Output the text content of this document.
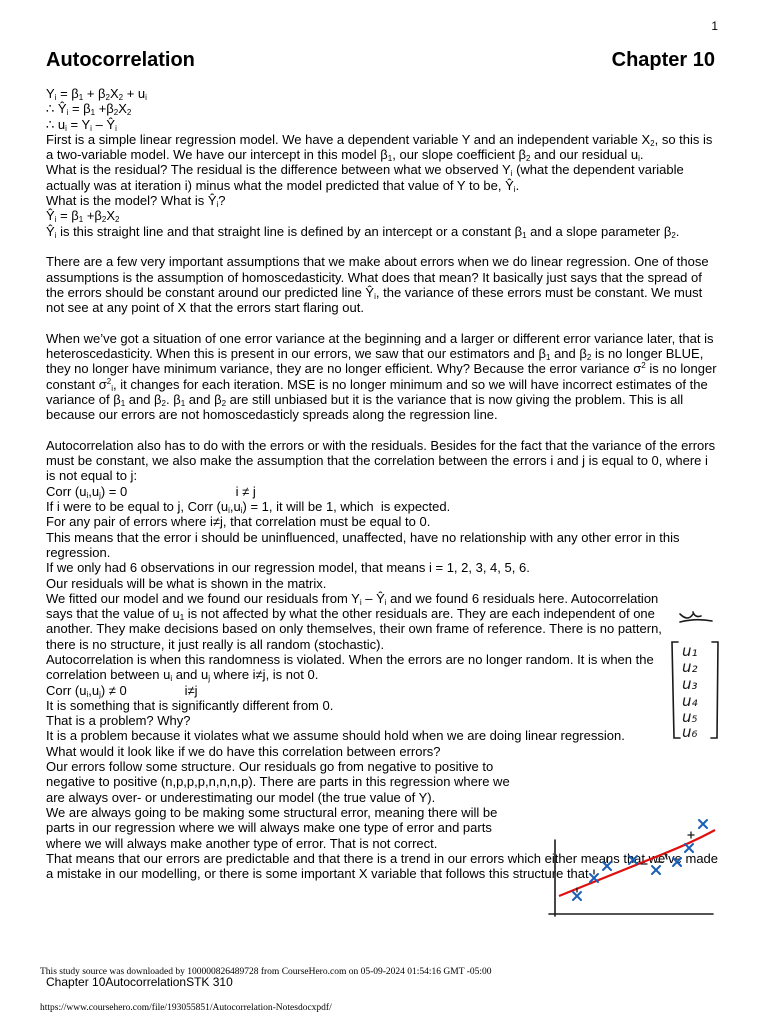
1
Autocorrelation	Chapter 10

$Y_i = \beta_1 + \beta_2X_2 + u_i$

∴ $Ŷ_i = \beta_1 +\beta_2X_2$

∴ $u_i = Y_i$ – $Ŷ_i$

First is a simple linear regression model. We have a dependent variable Y and an independent variable $X_2$, so this is a two-variable model. We have our intercept in this model $\beta_1$, our slope coefficient $\beta_2$ and our residual $u_i$.

What is the residual? The residual is the difference between what we observed $Y_i$ (what the dependent variable actually was at iteration i) minus what the model predicted that value of Y to be, $Ŷ_i$.

What is the model? What is $Ŷ_i$?

$Ŷ_i = \beta_1 +\beta_2X_2$

$Ŷ_i$ is this straight line and that straight line is defined by an intercept or a constant $\beta_1$ and a slope parameter $\beta_2$.

There are a few very important assumptions that we make about errors when we do linear regression. One of those assumptions is the assumption of homoscedasticity. What does that mean? It basically just says that the spread of the errors should be constant around our predicted line $Ŷ_i$, the variance of these errors must be constant. We must not see at any point of X that the errors start flaring out.

When we’ve got a situation of one error variance at the beginning and a larger or different error variance later, that is heteroscedasticity. When this is present in our errors, we saw that our estimators and $\beta_1$ and $\beta_2$ is no longer BLUE, they no longer have minimum variance, they are no longer efficient. Why? Because the error variance $\sigma^2$ is no longer constant $\sigma^2_i$, it changes for each iteration. MSE is no longer minimum and so we will have incorrect estimates of the variance of $\beta_1$ and $\beta_2$. $\beta_1$ and $\beta_2$ are still unbiased but it is the variance that is now giving the problem. This is all because our errors are not homoscedasticly spreads along the regression line.

Autocorrelation also has to do with the errors or with the residuals. Besides for the fact that the variance of the errors must be constant, we also make the assumption that the correlation between the errors i and j is equal to 0, where i is not equal to j:

Corr $(u_i,u_j) = 0$                              i ≠ j

If i were to be equal to j, Corr $(u_i,u_i) = 1$, it will be 1, which  is expected.

For any pair of errors where i≠j, that correlation must be equal to 0.

This means that the error i should be uninfluenced, unaffected, have no relationship with any other error in this regression.

If we only had 6 observations in our regression model, that means i = 1, 2, 3, 4, 5, 6.

Our residuals will be what is shown in the matrix.

We fitted our model and we found our residuals from $Y_i$ – $Ŷ_i$ and we found 6 residuals here. Autocorrelation says that the value of $u_1$ is not affected by what the other residuals are. They are each independent of one another. They make decisions based on only themselves, their own frame of reference. There is no pattern, there is no structure, it just really is all random (stochastic).

Autocorrelation is when this randomness is violated. When the errors are no longer random. It is when the correlation between $u_i$ and $u_j$ where i≠j, is not 0.

Corr $(u_i,u_j) \ne 0$                i≠j

It is something that is significantly different from 0.

That is a problem? Why?

It is a problem because it violates what we assume should hold when we are doing linear regression.

What would it look like if we do have this correlation between errors?

Our errors follow some structure. Our residuals go from negative to positive to negative to positive (n,p,p,p,n,n,n,p). There are parts in this regression where we are always over- or underestimating our model (the true value of Y).

We are always going to be making some structural error, meaning there will be parts in our regression where we will always make one type of error and parts where we will always make another type of error. That is not correct.

That means that our errors are predictable and that there is a trend in our errors which either means that we’ve made a mistake in our modelling, or there is some important X variable that follows this structure that

u₁
u₂
u₃
u₄
u₅
u₆
This study source was downloaded by 100000826489728 from CourseHero.com on 05-09-2024 01:54:16 GMT -05:00
Chapter 10AutocorrelationSTK 310
https://www.coursehero.com/file/193055851/Autocorrelation-Notesdocxpdf/
